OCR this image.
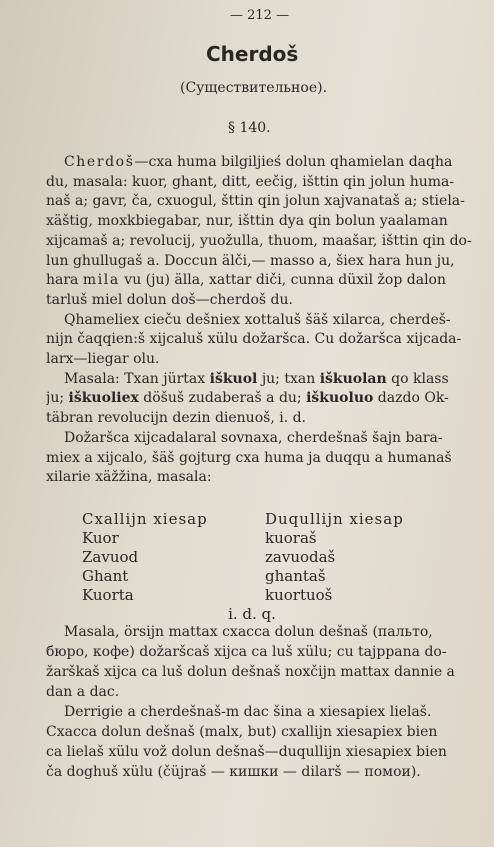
— 212 —
Cherdoš
(Существительное).
§ 140.
Cherdoš—cxa huma bilgiljieś dolun qhamielan daqha
du, masala: kuor, ghant, ditt, eečig, išttin qin jolun humа-
naš a; gavr, ča, cxuogul, šttin qin jolun xajvanataš a; stiela-
xäštig, moxkbiegabar, nur, išttin dya qin bolun yaalaman
xijcamaš a; revolucij, yuožulla, thuom, maašar, išttin qin do-
lun ghullugaš a. Doccun älči,— masso a, šiex hara hun ju,
hara mila vu (ju) älla, xattar diči, cunna düxil žop dalon
tarluš miel dolun doš—cherdoš du.
Qhameliex cieču dešniex xottaluš šäš xilarca, cherdeš-
nijn čaqqien:š xijcaluš xülu dožaršca. Cu dožaršca xijcada-
larx—liegar olu.
Masala: Txan jürtax iškuol ju; txan iškuolan qo klass
ju; iškuoliex döšuš zudaberaš a du; iškuoluo dazdo Ok-
täbran revolucijn dezin dienuoš, i. d.
Dožaršca xijcadalaral sovnaxa, cherdešnaš šajn bara-
miex a xijcalo, šäš gojturg cxa huma ja duqqu a humanaš
xilarie xäžžina, masala:
Cxallijn xiesap	Duqullijn xiesap
Kuor	kuoraš
Zavuod	zavuodaš
Ghant	ghantaš
Kuorta	kuortuoš
i. d. q.
Masala, örsijn mattax cxacca dolun dešnaš (пальто,
бюро, кофе) dožaršcaš xijca ca luš xülu; cu tajppana do-
žarškaš xijca ca luš dolun dešnaš noxčijn mattax dannie a
dan a dac.
Derrigie a cherdešnaš-m dac šina a xiesapiex lielaš.
Cxacca dolun dešnaš (malx, but) cxallijn xiesapiex bien
ca lielaš xülu vož dolun dešnaš—duqullijn xiesapiex bien
ča doghuš xülu (čüjraš — кишки — dilarš — помои).
